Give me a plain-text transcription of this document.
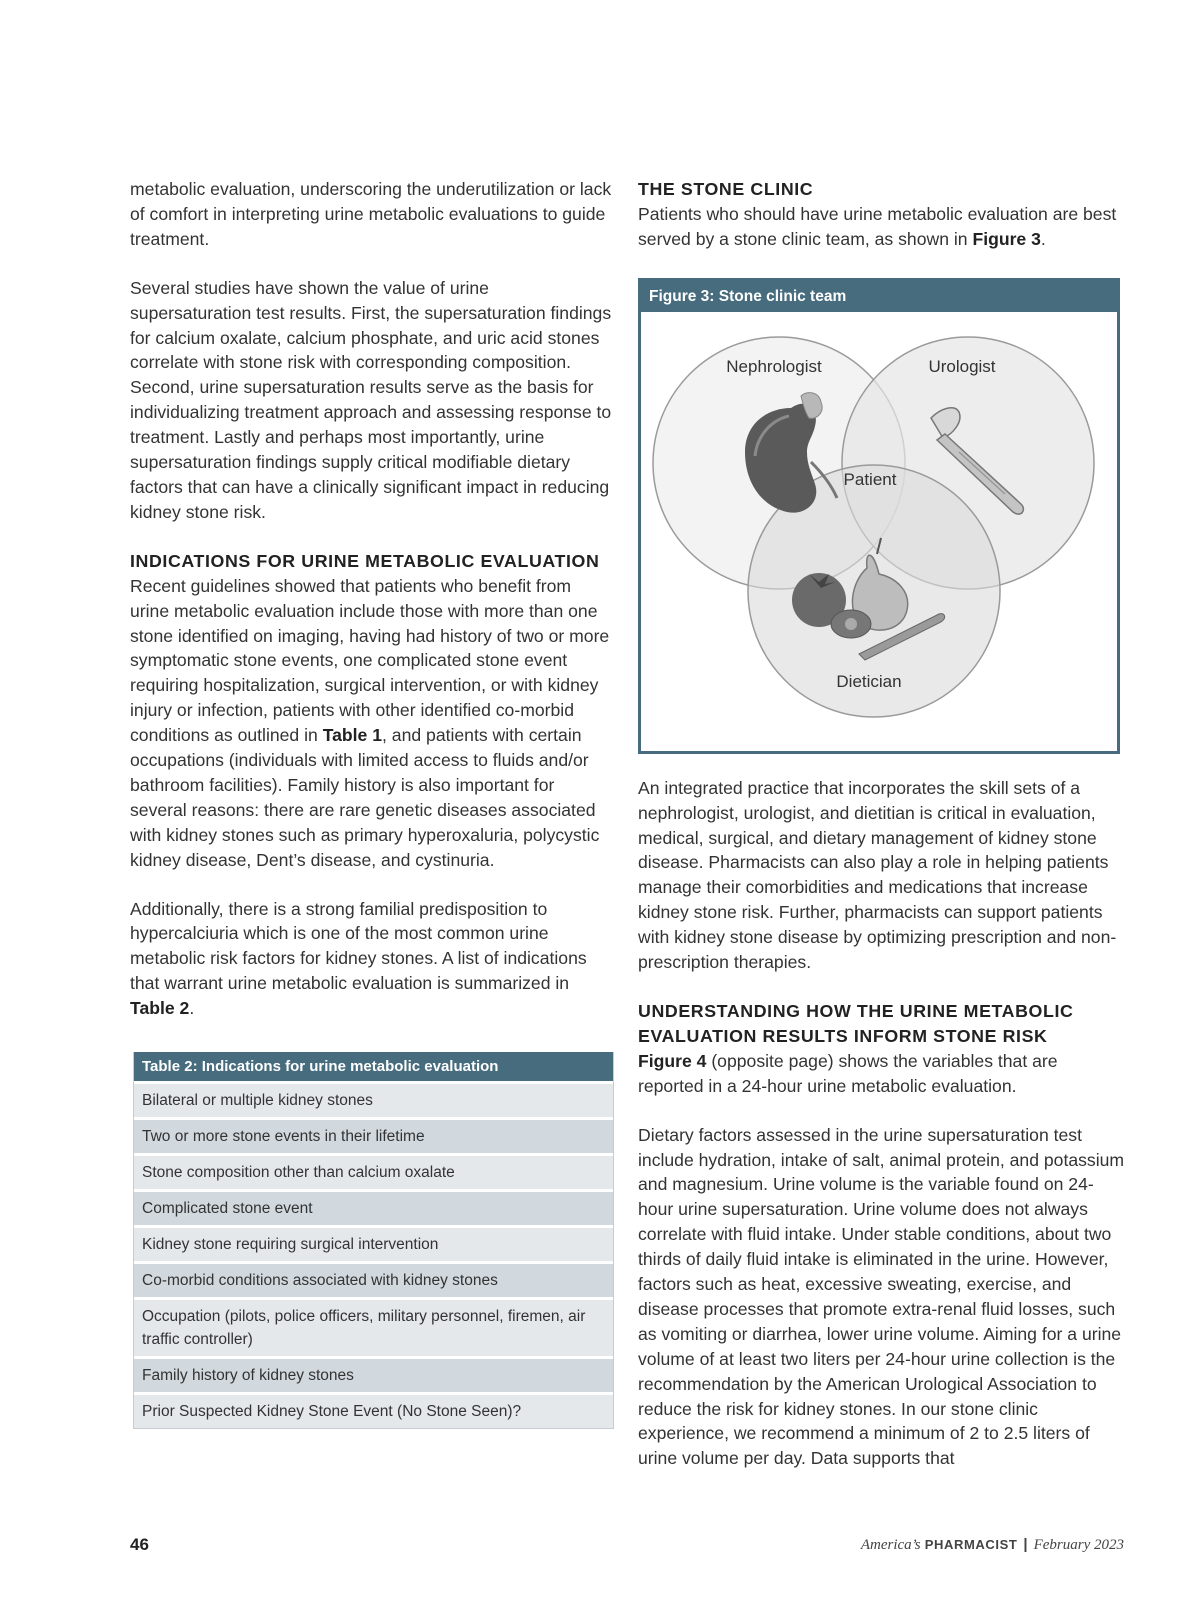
metabolic evaluation, underscoring the underutilization or lack of comfort in interpreting urine metabolic evaluations to guide treatment.

Several studies have shown the value of urine supersaturation test results. First, the supersaturation findings for calcium oxalate, calcium phosphate, and uric acid stones correlate with stone risk with corresponding composition. Second, urine supersaturation results serve as the basis for individualizing treatment approach and assessing response to treatment. Lastly and perhaps most importantly, urine supersaturation findings supply critical modifiable dietary factors that can have a clinically significant impact in reducing kidney stone risk.

INDICATIONS FOR URINE METABOLIC EVALUATION

Recent guidelines showed that patients who benefit from urine metabolic evaluation include those with more than one stone identified on imaging, having had history of two or more symptomatic stone events, one complicated stone event requiring hospitalization, surgical intervention, or with kidney injury or infection, patients with other identified co-morbid conditions as outlined in Table 1, and patients with certain occupations (individuals with limited access to fluids and/or bathroom facilities). Family history is also important for several reasons: there are rare genetic diseases associated with kidney stones such as primary hyperoxaluria, polycystic kidney disease, Dent’s disease, and cystinuria.

Additionally, there is a strong familial predisposition to hypercalciuria which is one of the most common urine metabolic risk factors for kidney stones. A list of indications that warrant urine metabolic evaluation is summarized in Table 2.

Table 2: Indications for urine metabolic evaluation
Bilateral or multiple kidney stones
Two or more stone events in their lifetime
Stone composition other than calcium oxalate
Complicated stone event
Kidney stone requiring surgical intervention
Co-morbid conditions associated with kidney stones
Occupation (pilots, police officers, military personnel, firemen, air traffic controller)
Family history of kidney stones
Prior Suspected Kidney Stone Event (No Stone Seen)?
THE STONE CLINIC

Patients who should have urine metabolic evaluation are best served by a stone clinic team, as shown in Figure 3.

Figure 3: Stone clinic team
Nephrologist	Urologist
Patient
Dietician

An integrated practice that incorporates the skill sets of a nephrologist, urologist, and dietitian is critical in evaluation, medical, surgical, and dietary management of kidney stone disease. Pharmacists can also play a role in helping patients manage their comorbidities and medications that increase kidney stone risk. Further, pharmacists can support patients with kidney stone disease by optimizing prescription and non-prescription therapies.

UNDERSTANDING HOW THE URINE METABOLIC EVALUATION RESULTS INFORM STONE RISK

Figure 4 (opposite page) shows the variables that are reported in a 24-hour urine metabolic evaluation.

Dietary factors assessed in the urine supersaturation test include hydration, intake of salt, animal protein, and potassium and magnesium. Urine volume is the variable found on 24-hour urine supersaturation. Urine volume does not always correlate with fluid intake. Under stable conditions, about two thirds of daily fluid intake is eliminated in the urine. However, factors such as heat, excessive sweating, exercise, and disease processes that promote extra-renal fluid losses, such as vomiting or diarrhea, lower urine volume. Aiming for a urine volume of at least two liters per 24-hour urine collection is the recommendation by the American Urological Association to reduce the risk for kidney stones. In our stone clinic experience, we recommend a minimum of 2 to 2.5 liters of urine volume per day. Data supports that

46	America’s PHARMACIST | February 2023
